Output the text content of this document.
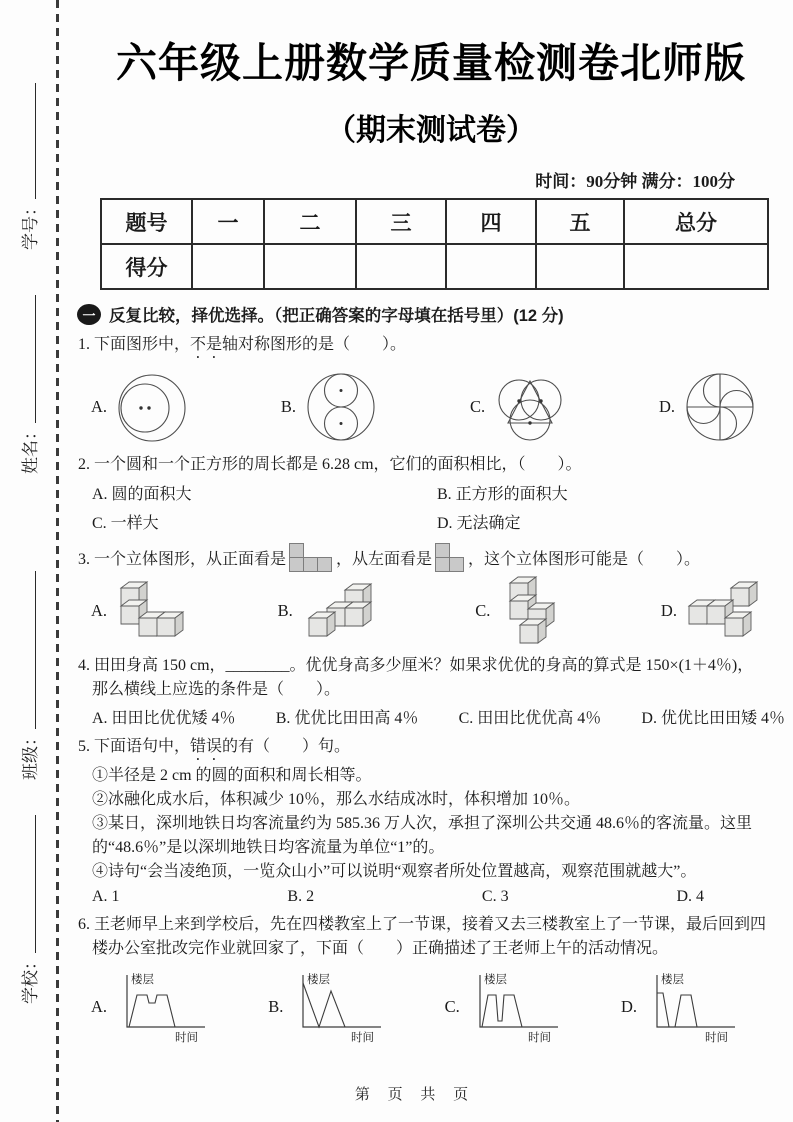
学号：
姓名：
班级：
学校：
六年级上册数学质量检测卷北师版
（期末测试卷）
时间：90分钟 满分：100分
题号	一	二	三	四	五	总分
得分						
一 反复比较，择优选择。（把正确答案的字母填在括号里）(12 分)
1. 下面图形中，不是轴对称图形的是（　　）。
A.	B.	C.	D.
2. 一个圆和一个正方形的周长都是 6.28 cm，它们的面积相比，（　　）。
A. 圆的面积大	B. 正方形的面积大
C. 一样大	D. 无法确定
3. 一个立体图形，从正面看是	，从左面看是 ，这个立体图形可能是（　　）。
A.	B.	C.	D.
4. 田田身高 150 cm，________。优优身高多少厘米？如果求优优的身高的算式是 150×(1＋4％)，
那么横线上应选的条件是（　　）。
A. 田田比优优矮 4％	B. 优优比田田高 4％	C. 田田比优优高 4％	D. 优优比田田矮 4％
5. 下面语句中，错误的有（　　）句。
①半径是 2 cm 的圆的面积和周长相等。
②冰融化成水后，体积减少 10％，那么水结成冰时，体积增加 10％。
③某日，深圳地铁日均客流量约为 585.36 万人次，承担了深圳公共交通 48.6％的客流量。这里的“48.6％”是以深圳地铁日均客流量为单位“1”的。
④诗句“会当凌绝顶，一览众山小”可以说明“观察者所处位置越高，观察范围就越大”。
A. 1	B. 2	C. 3	D. 4
6. 王老师早上来到学校后，先在四楼教室上了一节课，接着又去三楼教室上了一节课，最后回到四
楼办公室批改完作业就回家了，下面（　　）正确描述了王老师上午的活动情况。
A.
楼层
时间
B.
楼层
时间
C.
楼层
时间
D.
楼层
时间
第 页 共 页
